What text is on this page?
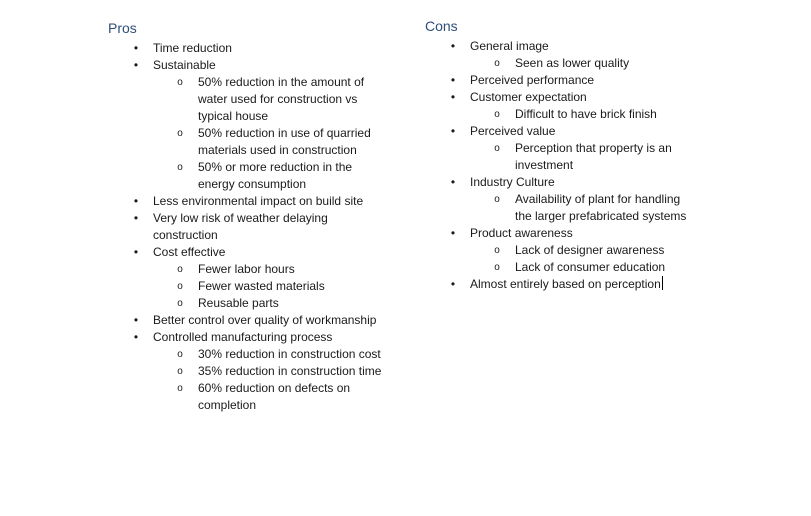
Pros
• Time reduction
• Sustainable
o 50% reduction in the amount of water used for construction vs typical house
o 50% reduction in use of quarried materials used in construction
o 50% or more reduction in the energy consumption
• Less environmental impact on build site
• Very low risk of weather delaying construction
• Cost effective
o Fewer labor hours
o Fewer wasted materials
o Reusable parts
• Better control over quality of workmanship
• Controlled manufacturing process
o 30% reduction in construction cost
o 35% reduction in construction time
o 60% reduction on defects on completion
Cons
• General image
o Seen as lower quality
• Perceived performance
• Customer expectation
o Difficult to have brick finish
• Perceived value
o Perception that property is an investment
• Industry Culture
o Availability of plant for handling the larger prefabricated systems
• Product awareness
o Lack of designer awareness
o Lack of consumer education
• Almost entirely based on perception
